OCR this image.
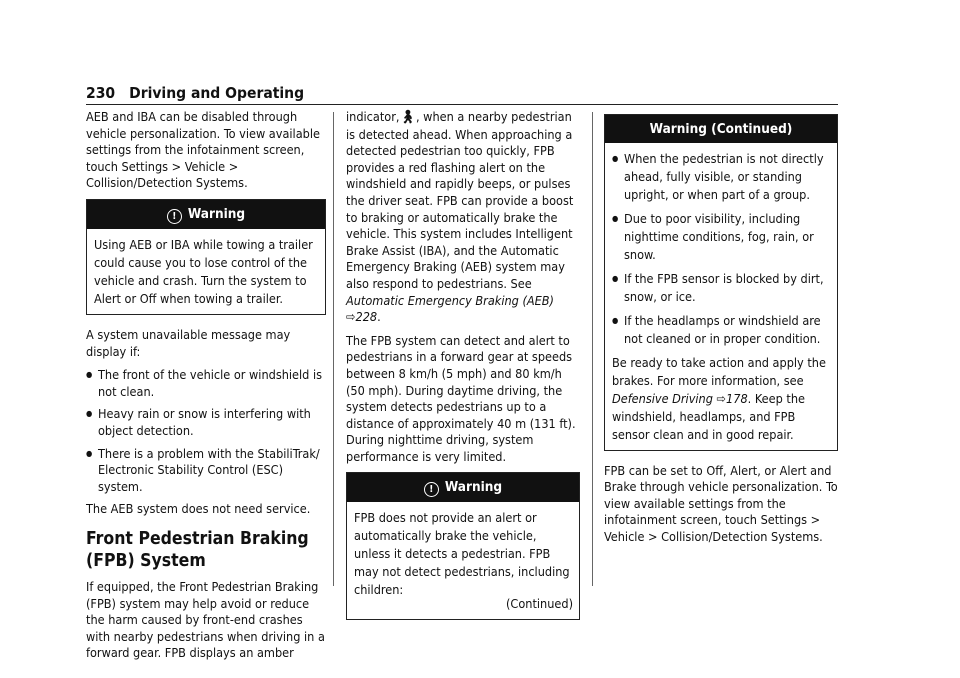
230 Driving and Operating

AEB and IBA can be disabled through vehicle personalization. To view available settings from the infotainment screen, touch Settings > Vehicle > Collision/Detection Systems.

! Warning
Using AEB or IBA while towing a trailer could cause you to lose control of the vehicle and crash. Turn the system to Alert or Off when towing a trailer.

A system unavailable message may display if:

● The front of the vehicle or windshield is not clean.
● Heavy rain or snow is interfering with object detection.
● There is a problem with the StabiliTrak/ Electronic Stability Control (ESC) system.

The AEB system does not need service.

Front Pedestrian Braking (FPB) System

If equipped, the Front Pedestrian Braking (FPB) system may help avoid or reduce the harm caused by front-end crashes with nearby pedestrians when driving in a forward gear. FPB displays an amber

indicator,🚶︎, when a nearby pedestrian is detected ahead. When approaching a detected pedestrian too quickly, FPB provides a red flashing alert on the windshield and rapidly beeps, or pulses the driver seat. FPB can provide a boost to braking or automatically brake the vehicle. This system includes Intelligent Brake Assist (IBA), and the Automatic Emergency Braking (AEB) system may also respond to pedestrians. See Automatic Emergency Braking (AEB) ⇨228.

The FPB system can detect and alert to pedestrians in a forward gear at speeds between 8 km/h (5 mph) and 80 km/h (50 mph). During daytime driving, the system detects pedestrians up to a distance of approximately 40 m (131 ft). During nighttime driving, system performance is very limited.

! Warning
FPB does not provide an alert or automatically brake the vehicle, unless it detects a pedestrian. FPB may not detect pedestrians, including children:
(Continued)
Warning (Continued)
● When the pedestrian is not directly ahead, fully visible, or standing upright, or when part of a group.
● Due to poor visibility, including nighttime conditions, fog, rain, or snow.
● If the FPB sensor is blocked by dirt, snow, or ice.
● If the headlamps or windshield are not cleaned or in proper condition.
Be ready to take action and apply the brakes. For more information, see Defensive Driving ⇨178. Keep the windshield, headlamps, and FPB sensor clean and in good repair.

FPB can be set to Off, Alert, or Alert and Brake through vehicle personalization. To view available settings from the infotainment screen, touch Settings > Vehicle > Collision/Detection Systems.
